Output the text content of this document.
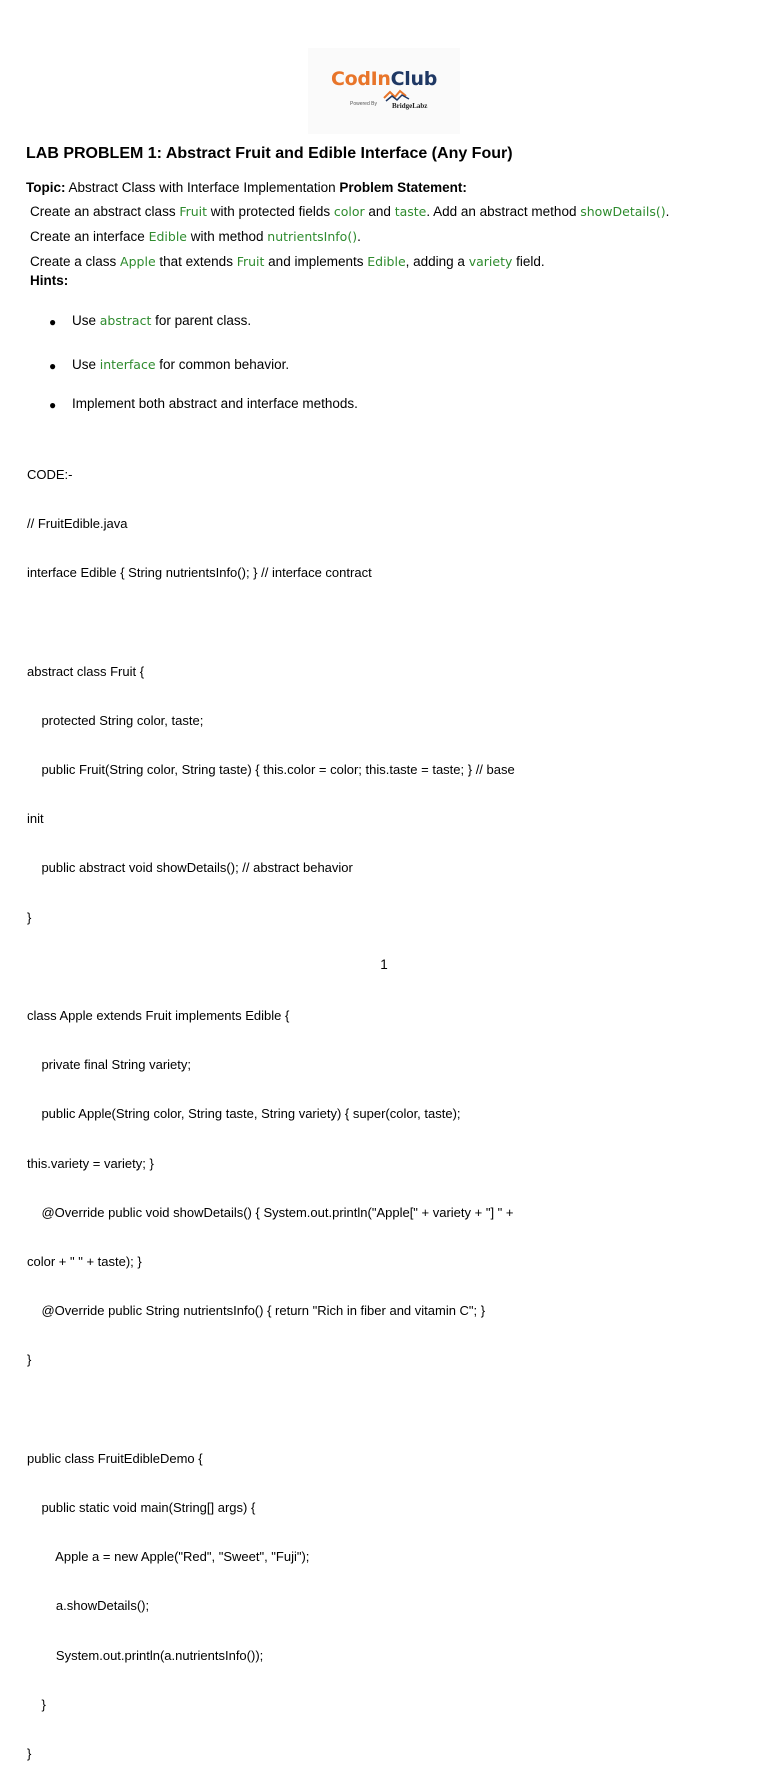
CodInClub
Powered By BridgeLabz
LAB PROBLEM 1: Abstract Fruit and Edible Interface (Any Four)
Topic: Abstract Class with Interface Implementation Problem Statement:
Create an abstract class Fruit with protected fields color and taste. Add an abstract method showDetails().
Create an interface Edible with method nutrientsInfo().
Create a class Apple that extends Fruit and implements Edible, adding a variety field.
Hints:
● Use abstract for parent class.
● Use interface for common behavior.
● Implement both abstract and interface methods.

CODE:-

// FruitEdible.java

interface Edible { String nutrientsInfo(); } // interface contract

abstract class Fruit {

protected String color, taste;

public Fruit(String color, String taste) { this.color = color; this.taste = taste; } // base

init

public abstract void showDetails(); // abstract behavior

}

class Apple extends Fruit implements Edible {

private final String variety;

public Apple(String color, String taste, String variety) { super(color, taste);

this.variety = variety; }

@Override public void showDetails() { System.out.println("Apple[" + variety + "] " +

color + " " + taste); }

@Override public String nutrientsInfo() { return "Rich in fiber and vitamin C"; }

}

public class FruitEdibleDemo {

public static void main(String[] args) {

Apple a = new Apple("Red", "Sweet", "Fuji");

a.showDetails();

System.out.println(a.nutrientsInfo());

}

}

1
